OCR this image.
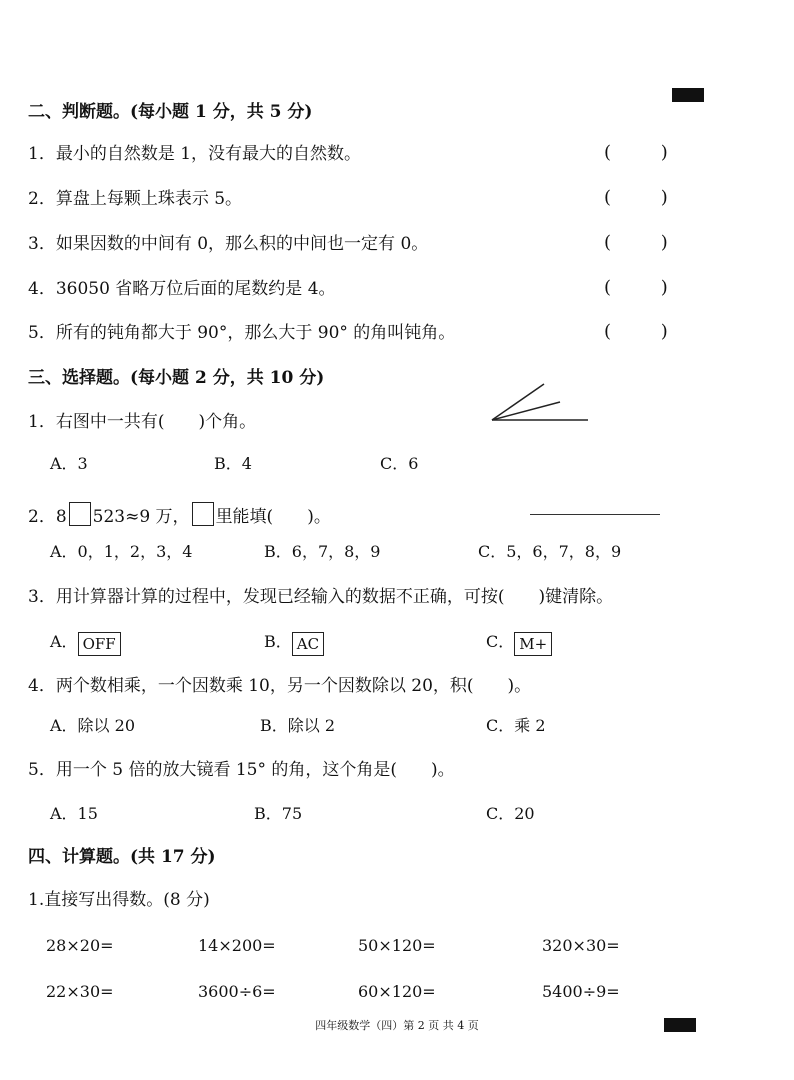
二、判断题。(每小题 1 分，共 5 分)
1．最小的自然数是 1，没有最大的自然数。	( )
2．算盘上每颗上珠表示 5。	( )
3．如果因数的中间有 0，那么积的中间也一定有 0。	( )
4．36050 省略万位后面的尾数约是 4。	( )
5．所有的钝角都大于 90°，那么大于 90° 的角叫钝角。	( )
三、选择题。(每小题 2 分，共 10 分)
1．右图中一共有(　　)个角。
A．3	B．4	C．6
2．8 523≈9 万， 里能填(　　)。
A．0，1，2，3，4	B．6，7，8，9	C．5，6，7，8，9
3．用计算器计算的过程中，发现已经输入的数据不正确，可按(　　)键清除。
A． OFF	B． AC	C． M+
4．两个数相乘，一个因数乘 10，另一个因数除以 20，积(　　)。
A．除以 20	B．除以 2	C．乘 2
5．用一个 5 倍的放大镜看 15° 的角，这个角是(　　)。
A．15	B．75	C．20
四、计算题。(共 17 分)
1.直接写出得数。(8 分)
28×20=	14×200=	50×120=	320×30=
22×30=	3600÷6=	60×120=	5400÷9=
四年级数学（四）第 2 页 共 4 页
